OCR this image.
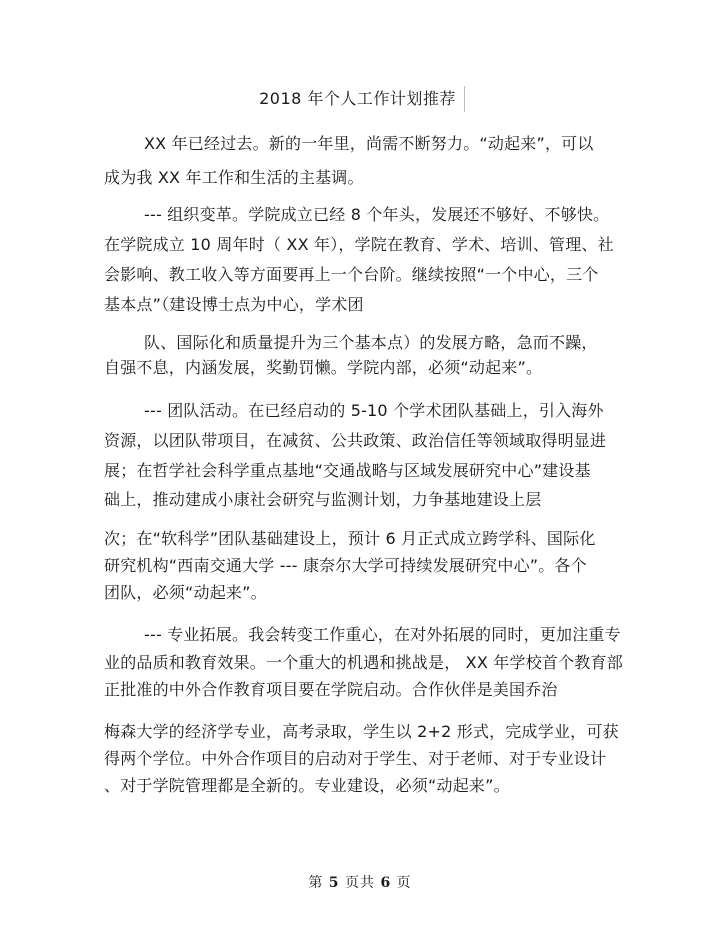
2018 年个人工作计划推荐
XX 年已经过去。新的一年里，尚需不断努力。“动起来”，可以
成为我 XX 年工作和生活的主基调。
--- 组织变革。学院成立已经 8 个年头，发展还不够好、不够快。
在学院成立 10 周年时（ XX 年），学院在教育、学术、培训、管理、社
会影响、教工收入等方面要再上一个台阶。继续按照“一个中心，三个
基本点”（建设博士点为中心，学术团
队、国际化和质量提升为三个基本点）的发展方略，急而不躁，
自强不息，内涵发展，奖勤罚懒。学院内部，必须“动起来”。
--- 团队活动。在已经启动的 5-10 个学术团队基础上，引入海外
资源，以团队带项目，在减贫、公共政策、政治信任等领域取得明显进
展；在哲学社会科学重点基地“交通战略与区域发展研究中心”建设基
础上，推动建成小康社会研究与监测计划，力争基地建设上层
次；在“软科学”团队基础建设上，预计 6 月正式成立跨学科、国际化
研究机构“西南交通大学 --- 康奈尔大学可持续发展研究中心”。各个
团队，必须“动起来”。
--- 专业拓展。我会转变工作重心，在对外拓展的同时，更加注重专
业的品质和教育效果。一个重大的机遇和挑战是， XX 年学校首个教育部
正批准的中外合作教育项目要在学院启动。合作伙伴是美国乔治
梅森大学的经济学专业，高考录取，学生以 2+2 形式，完成学业，可获
得两个学位。中外合作项目的启动对于学生、对于老师、对于专业设计
、对于学院管理都是全新的。专业建设，必须“动起来”。
第 5 页共 6 页
